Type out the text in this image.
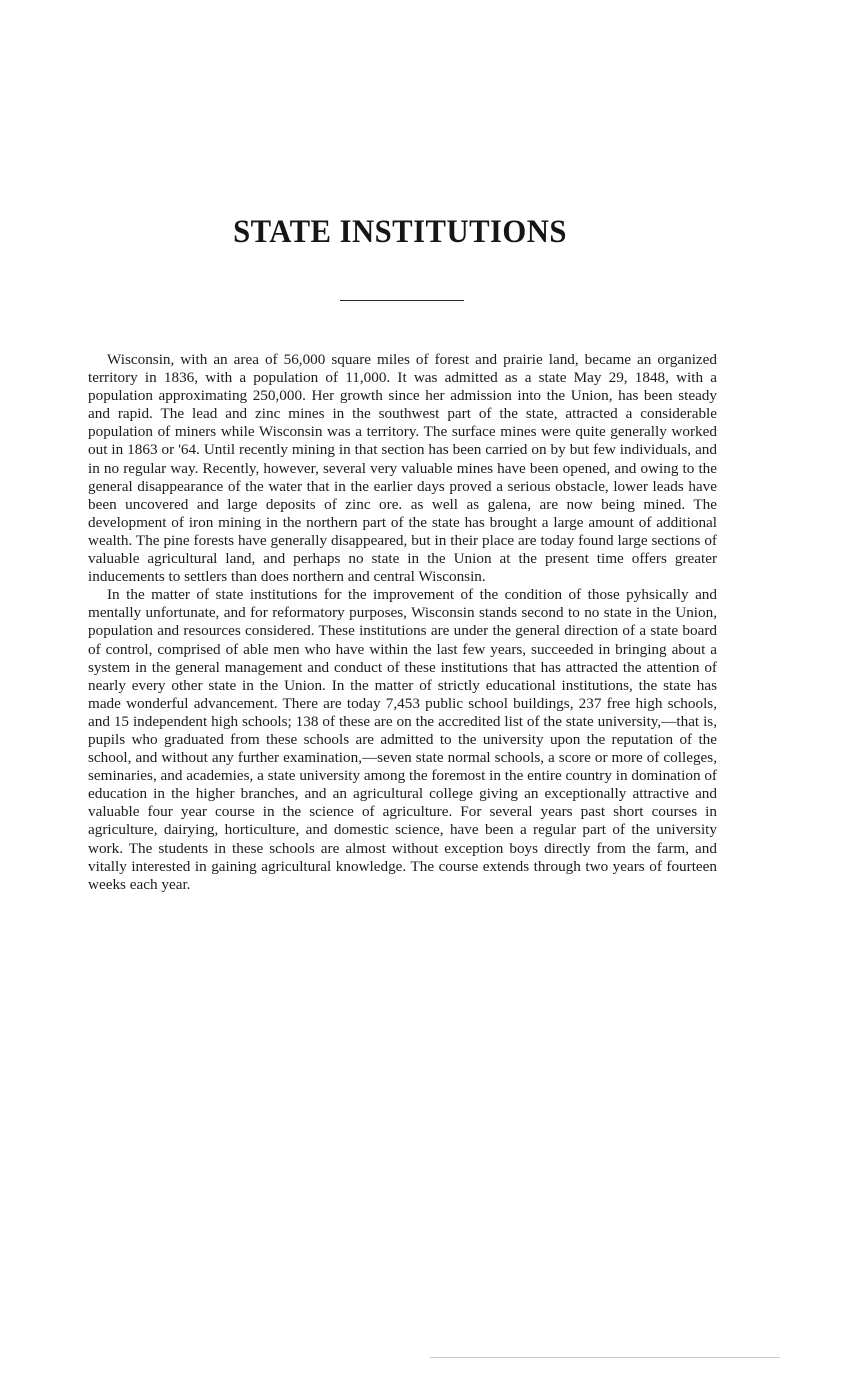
STATE INSTITUTIONS

Wisconsin, with an area of 56,000 square miles of forest and prairie land, became an organized territory in 1836, with a population of 11,000. It was admitted as a state May 29, 1848, with a population approximating 250,000. Her growth since her admission into the Union, has been steady and rapid. The lead and zinc mines in the southwest part of the state, attracted a considerable population of miners while Wisconsin was a territory. The surface mines were quite generally worked out in 1863 or '64. Until recently mining in that section has been carried on by but few individuals, and in no regular way. Recently, however, several very valuable mines have been opened, and owing to the general disappearance of the water that in the earlier days proved a serious obstacle, lower leads have been uncovered and large deposits of zinc ore. as well as galena, are now being mined. The development of iron mining in the northern part of the state has brought a large amount of additional wealth. The pine forests have generally disappeared, but in their place are today found large sections of valuable agricultural land, and perhaps no state in the Union at the present time offers greater inducements to settlers than does northern and central Wisconsin.

In the matter of state institutions for the improvement of the condition of those pyhsically and mentally unfortunate, and for reformatory purposes, Wisconsin stands second to no state in the Union, population and resources considered. These institutions are under the general direction of a state board of control, comprised of able men who have within the last few years, succeeded in bringing about a system in the general management and conduct of these institutions that has attracted the attention of nearly every other state in the Union. In the matter of strictly educational institutions, the state has made wonderful advancement. There are today 7,453 public school buildings, 237 free high schools, and 15 independent high schools; 138 of these are on the accredited list of the state university,—that is, pupils who graduated from these schools are admitted to the university upon the reputation of the school, and without any further examination,—seven state normal schools, a score or more of colleges, seminaries, and academies, a state university among the foremost in the entire country in domination of education in the higher branches, and an agricultural college giving an exceptionally attractive and valuable four year course in the science of agriculture. For several years past short courses in agriculture, dairying, horticulture, and domestic science, have been a regular part of the university work. The students in these schools are almost without exception boys directly from the farm, and vitally interested in gaining agricultural knowledge. The course extends through two years of fourteen weeks each year.
